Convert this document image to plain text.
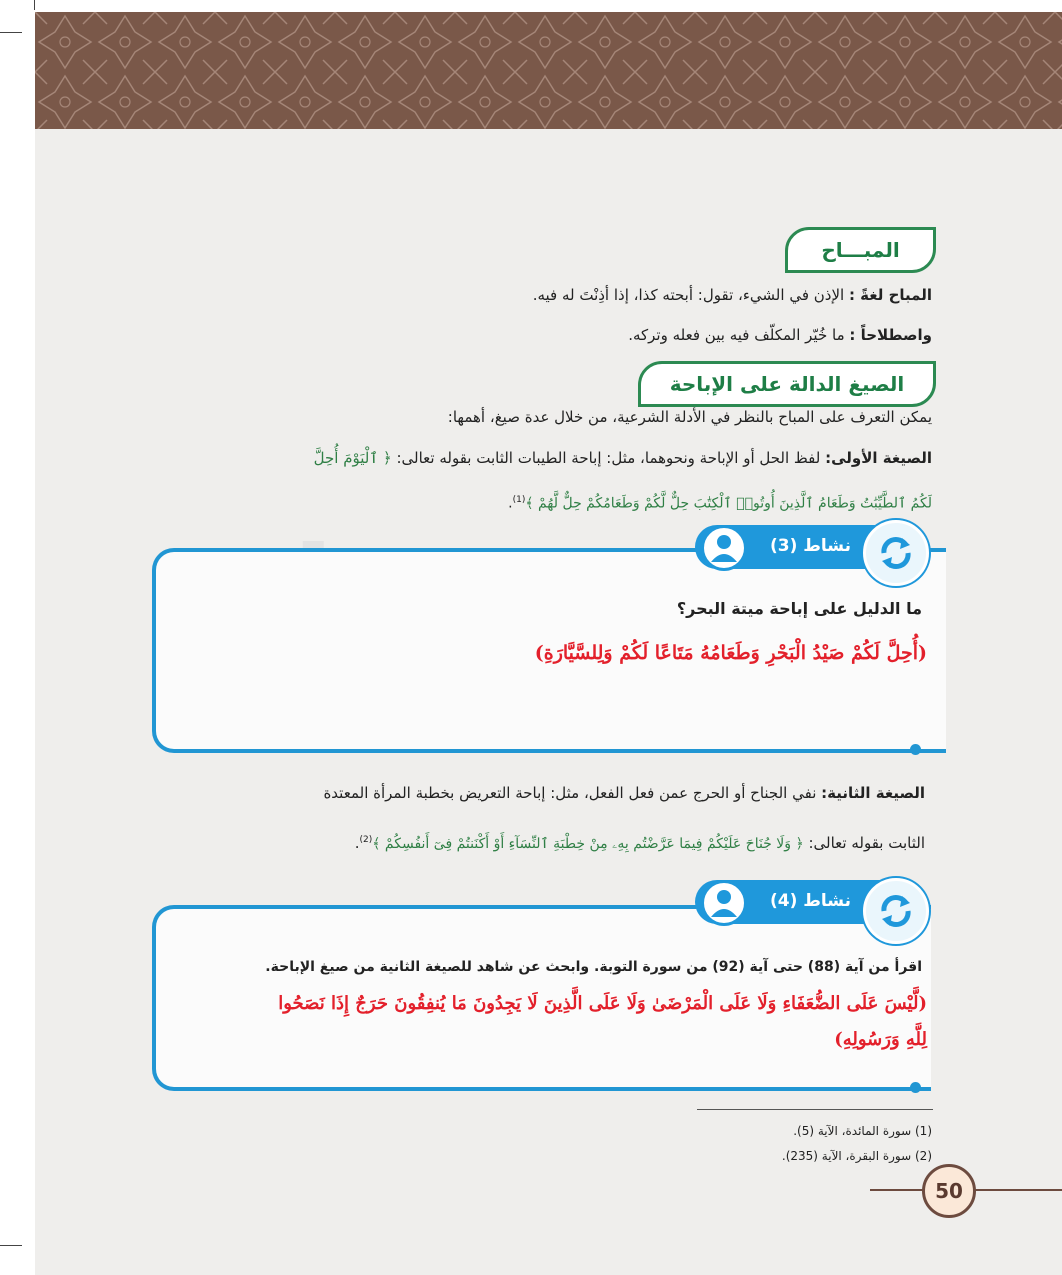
المبـــاح
المباح لغةً : الإذن في الشيء، تقول: أبحته كذا، إذا أذِنْتَ له فيه.
واصطلاحاً : ما خُيّر المكلّف فيه بين فعله وتركه.
الصيغ الدالة على الإباحة
يمكن التعرف على المباح بالنظر في الأدلة الشرعية، من خلال عدة صيغ، أهمها:
الصيغة الأولى: لفظ الحل أو الإباحة ونحوهما، مثل: إباحة الطيبات الثابت بقوله تعالى: ﴿ ٱلْيَوْمَ أُحِلَّ
لَكُمُ ٱلطَّيِّبَٰتُ وَطَعَامُ ٱلَّذِينَ أُوتُوا۟ ٱلْكِتَٰبَ حِلٌّ لَّكُمْ وَطَعَامُكُمْ حِلٌّ لَّهُمْ ﴾$^{(1)}$.
نشاط (3)
ما الدليل على إباحة ميتة البحر؟
(أُحِلَّ لَكُمْ صَيْدُ الْبَحْرِ وَطَعَامُهُ مَتَاعًا لَكُمْ وَلِلسَّيَّارَةِ)
الصيغة الثانية: نفي الجناح أو الحرج عمن فعل الفعل، مثل: إباحة التعريض بخطبة المرأة المعتدة
الثابت بقوله تعالى: ﴿ وَلَا جُنَاحَ عَلَيْكُمْ فِيمَا عَرَّضْتُم بِهِۦ مِنْ خِطْبَةِ ٱلنِّسَآءِ أَوْ أَكْنَنتُمْ فِىٓ أَنفُسِكُمْ ﴾$^{(2)}$.
نشاط (4)
اقرأ من آية (88) حتى آية (92) من سورة التوبة. وابحث عن شاهد للصيغة الثانية من صيغ الإباحة.
(لَّيْسَ عَلَى الضُّعَفَاءِ وَلَا عَلَى الْمَرْضَىٰ وَلَا عَلَى الَّذِينَ لَا يَجِدُونَ مَا يُنفِقُونَ حَرَجٌ إِذَا نَصَحُوا
لِلَّهِ وَرَسُولِهِ)
(1) سورة المائدة، الآية (5).
(2) سورة البقرة، الآية (235).
50
